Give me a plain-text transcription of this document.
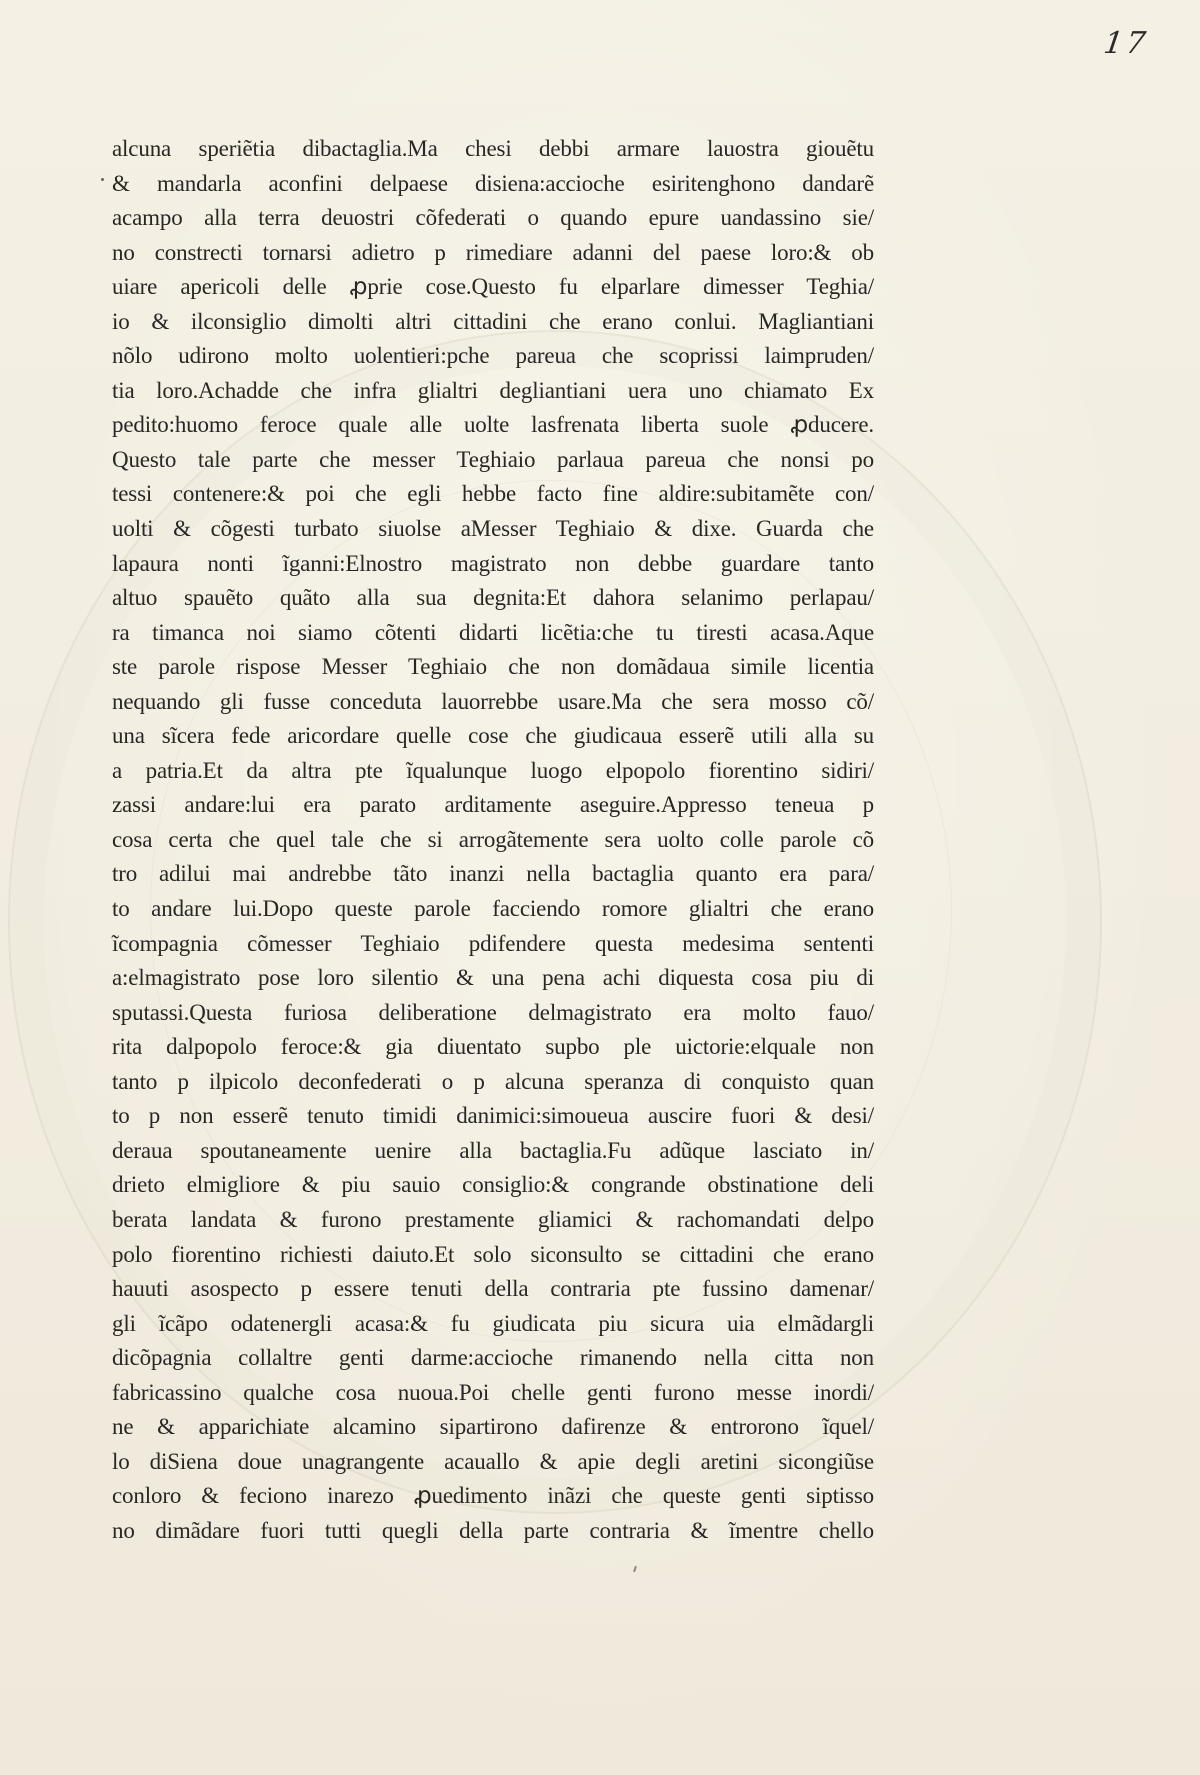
17
alcuna speriẽtia dibactaglia.Ma chesi debbi armare lauostra giouẽtu
& mandarla aconfini delpaese disiena:accioche esiritenghono dandarẽ
acampo alla terra deuostri cõfederati o quando epure uandassino sie/
no constrecti tornarsi adietro p rimediare adanni del paese loro:& ob
uiare apericoli delle ꝓprie cose.Questo fu elparlare dimesser Teghia/
io & ilconsiglio dimolti altri cittadini che erano conlui. Magliantiani
nõlo udirono molto uolentieri:pche pareua che scoprissi laimpruden/
tia loro.Achadde che infra glialtri degliantiani uera uno chiamato Ex
pedito:huomo feroce quale alle uolte lasfrenata liberta suole ꝓducere.
Questo tale parte che messer Teghiaio parlaua pareua che nonsi po
tessi contenere:& poi che egli hebbe facto fine aldire:subitamẽte con/
uolti & cõgesti turbato siuolse aMesser Teghiaio & dixe. Guarda che
lapaura nonti ĩganni:Elnostro magistrato non debbe guardare tanto
altuo spauẽto quãto alla sua degnita:Et dahora selanimo perlapau/
ra timanca noi siamo cõtenti didarti licẽtia:che tu tiresti acasa.Aque
ste parole rispose Messer Teghiaio che non domãdaua simile licentia
nequando gli fusse conceduta lauorrebbe usare.Ma che sera mosso cõ/
una sĩcera fede aricordare quelle cose che giudicaua esserẽ utili alla su
a patria.Et da altra pte ĩqualunque luogo elpopolo fiorentino sidiri/
zassi andare:lui era parato arditamente aseguire.Appresso teneua p
cosa certa che quel tale che si arrogãtemente sera uolto colle parole cõ
tro adilui mai andrebbe tãto inanzi nella bactaglia quanto era para/
to andare lui.Dopo queste parole facciendo romore glialtri che erano
ĩcompagnia cõmesser Teghiaio pdifendere questa medesima sententi
a:elmagistrato pose loro silentio & una pena achi diquesta cosa piu di
sputassi.Questa furiosa deliberatione delmagistrato era molto fauo/
rita dalpopolo feroce:& gia diuentato supbo ple uictorie:elquale non
tanto p ilpicolo deconfederati o p alcuna speranza di conquisto quan
to p non esserẽ tenuto timidi danimici:simoueua auscire fuori & desi/
deraua spoutaneamente uenire alla bactaglia.Fu adũque lasciato in/
drieto elmigliore & piu sauio consiglio:& congrande obstinatione deli
berata landata & furono prestamente gliamici & rachomandati delpo
polo fiorentino richiesti daiuto.Et solo siconsulto se cittadini che erano
hauuti asospecto p essere tenuti della contraria pte fussino damenar/
gli ĩcãpo odatenergli acasa:& fu giudicata piu sicura uia elmãdargli
dicõpagnia collaltre genti darme:accioche rimanendo nella citta non
fabricassino qualche cosa nuoua.Poi chelle genti furono messe inordi/
ne & apparichiate alcamino sipartirono dafirenze & entrorono ĩquel/
lo diSiena doue unagrangente acauallo & apie degli aretini sicongiũse
conloro & feciono inarezo ꝓuedimento inãzi che queste genti siptisso
no dimãdare fuori tutti quegli della parte contraria & ĩmentre chello
